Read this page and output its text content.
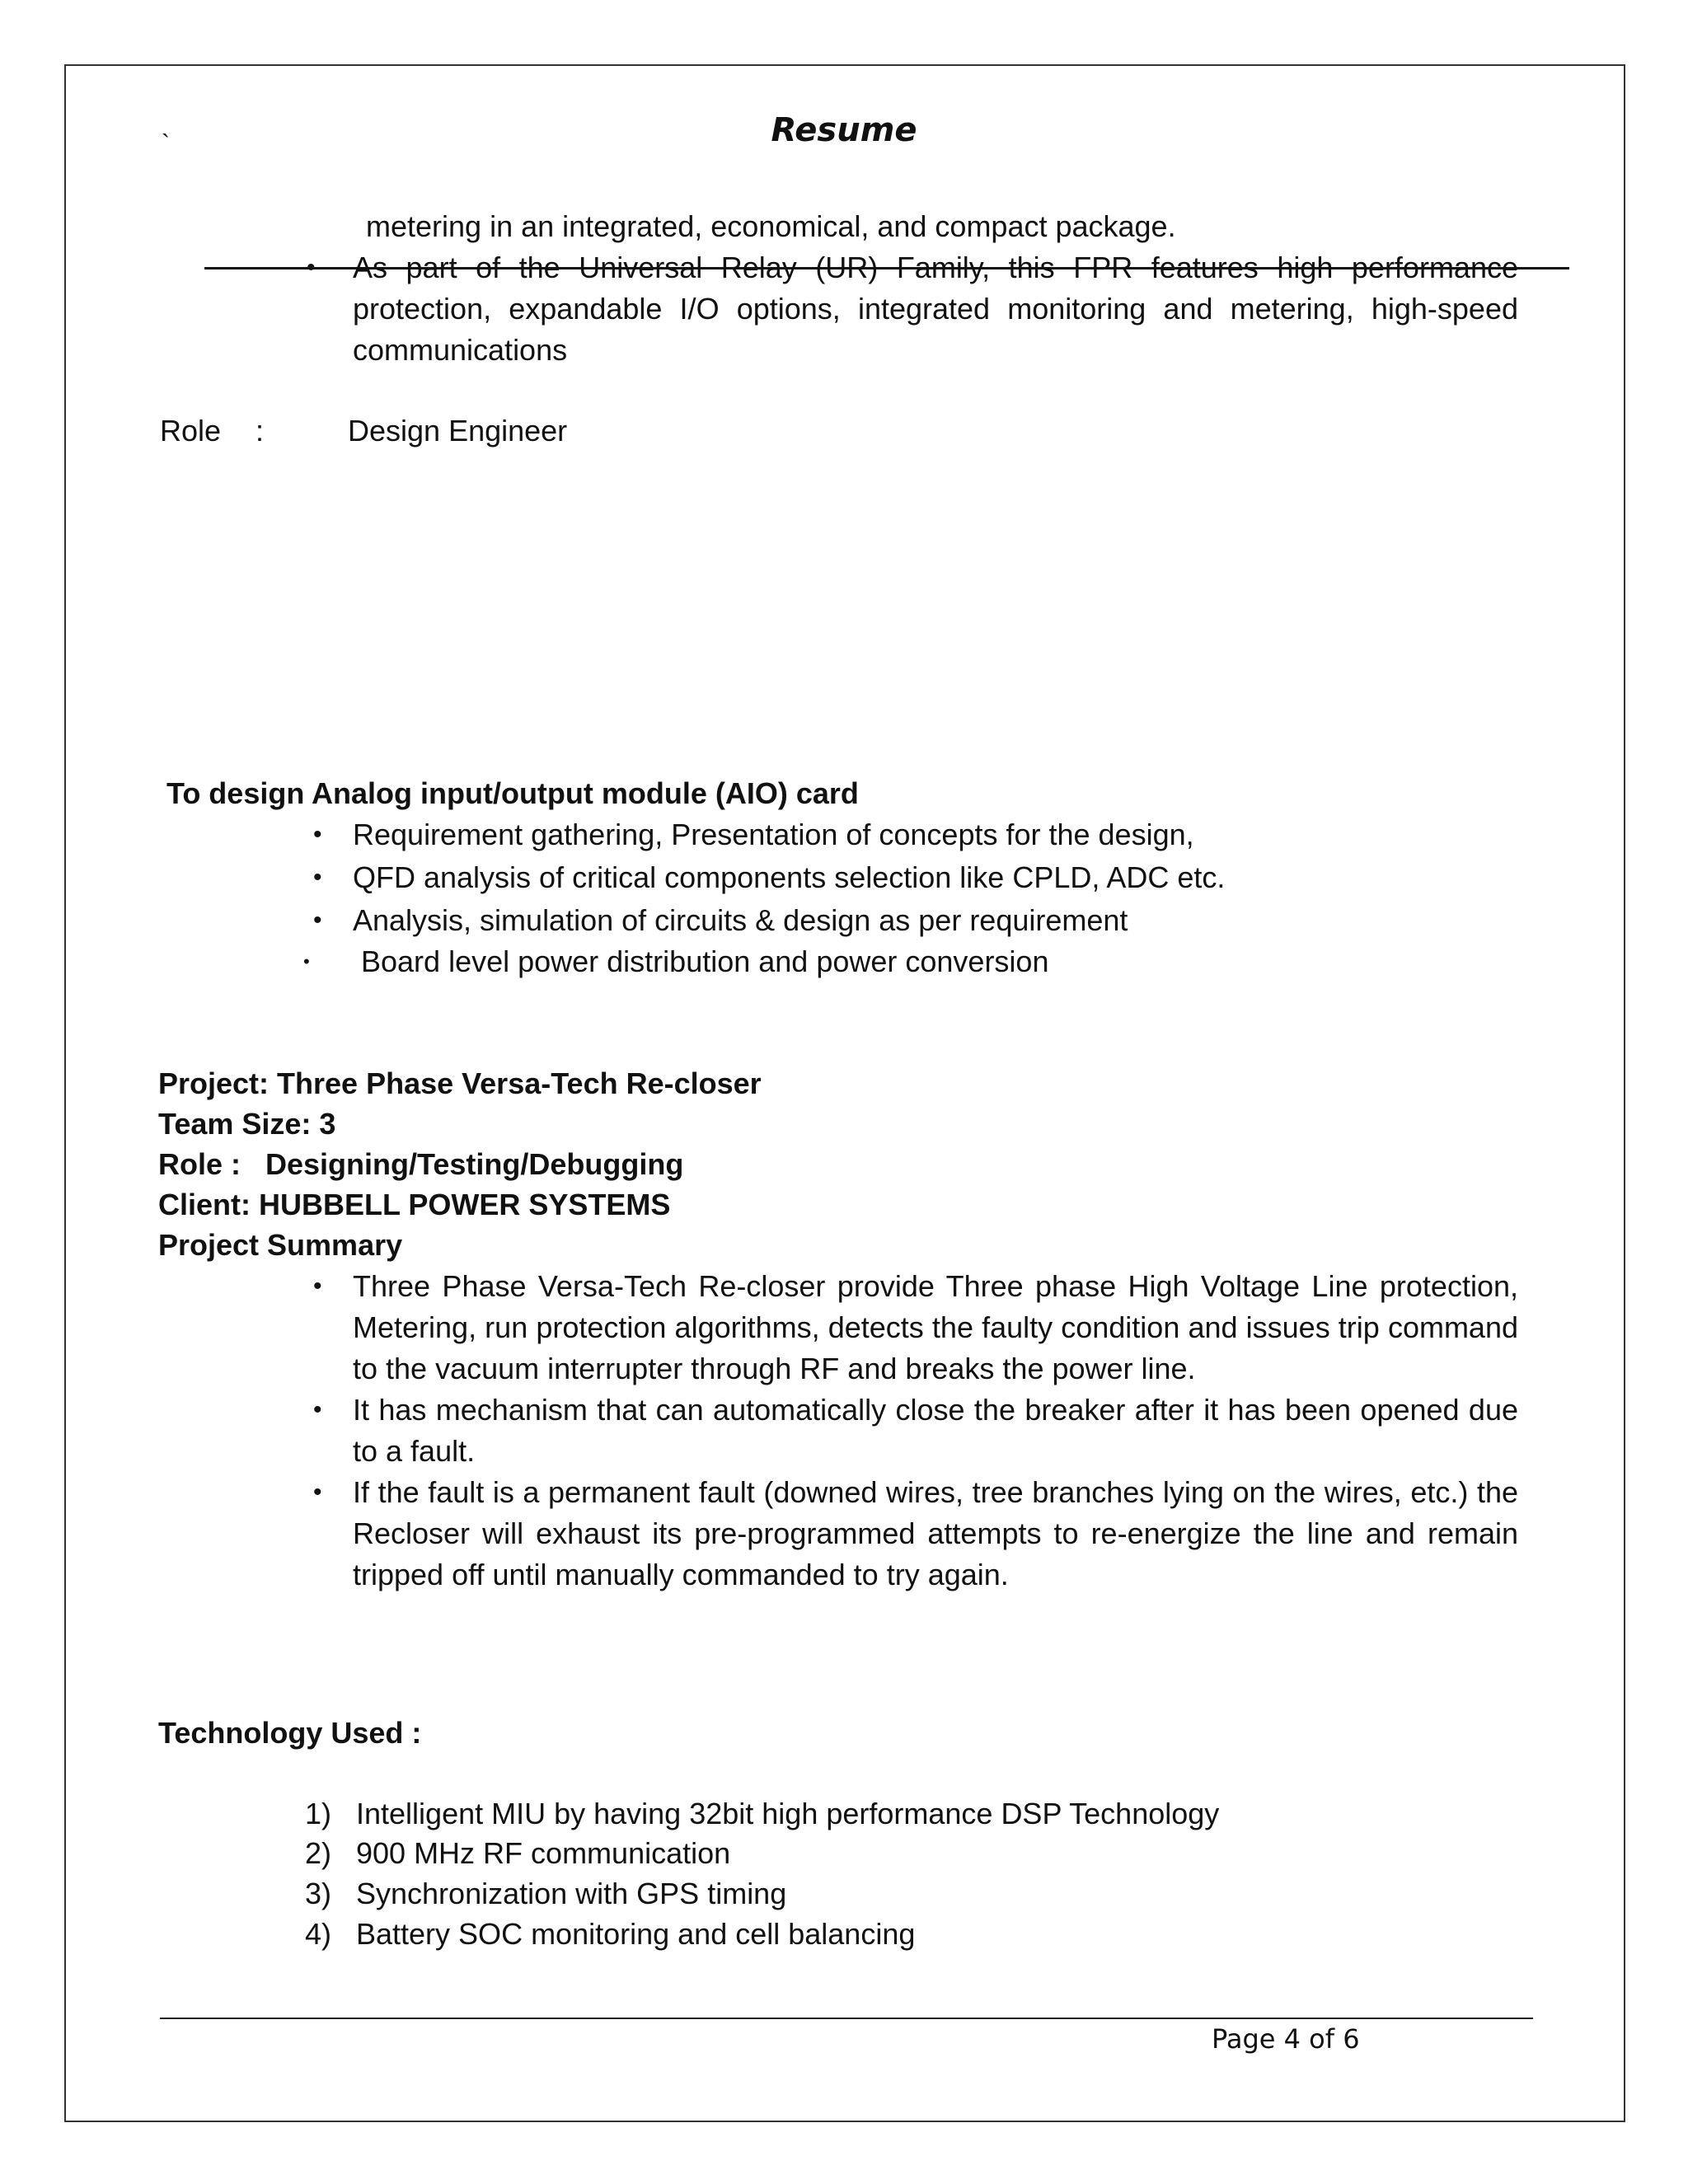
`	Resume
metering in an integrated, economical, and compact package.
• As part of the Universal Relay (UR) Family, this FPR features high performance
protection, expandable I/O options, integrated monitoring and metering, high-speed
communications
Role :	Design Engineer
To design Analog input/output module (AIO) card
• Requirement gathering, Presentation of concepts for the design,
• QFD analysis of critical components selection like CPLD, ADC etc.
• Analysis, simulation of circuits & design as per requirement
• Board level power distribution and power conversion
Project: Three Phase Versa-Tech Re-closer
Team Size: 3
Role :   Designing/Testing/Debugging
Client: HUBBELL POWER SYSTEMS
Project Summary
• Three Phase Versa-Tech Re-closer provide Three phase High Voltage Line protection, Metering, run protection algorithms, detects the faulty condition and issues trip command to the vacuum interrupter through RF and breaks the power line.
• It has mechanism that can automatically close the breaker after it has been opened due to a fault.
• If the fault is a permanent fault (downed wires, tree branches lying on the wires, etc.) the Recloser will exhaust its pre-programmed attempts to re-energize the line and remain tripped off until manually commanded to try again.
Technology Used :
1) Intelligent MIU by having 32bit high performance DSP Technology
2) 900 MHz RF communication
3) Synchronization with GPS timing
4) Battery SOC monitoring and cell balancing
Page 4 of 6
